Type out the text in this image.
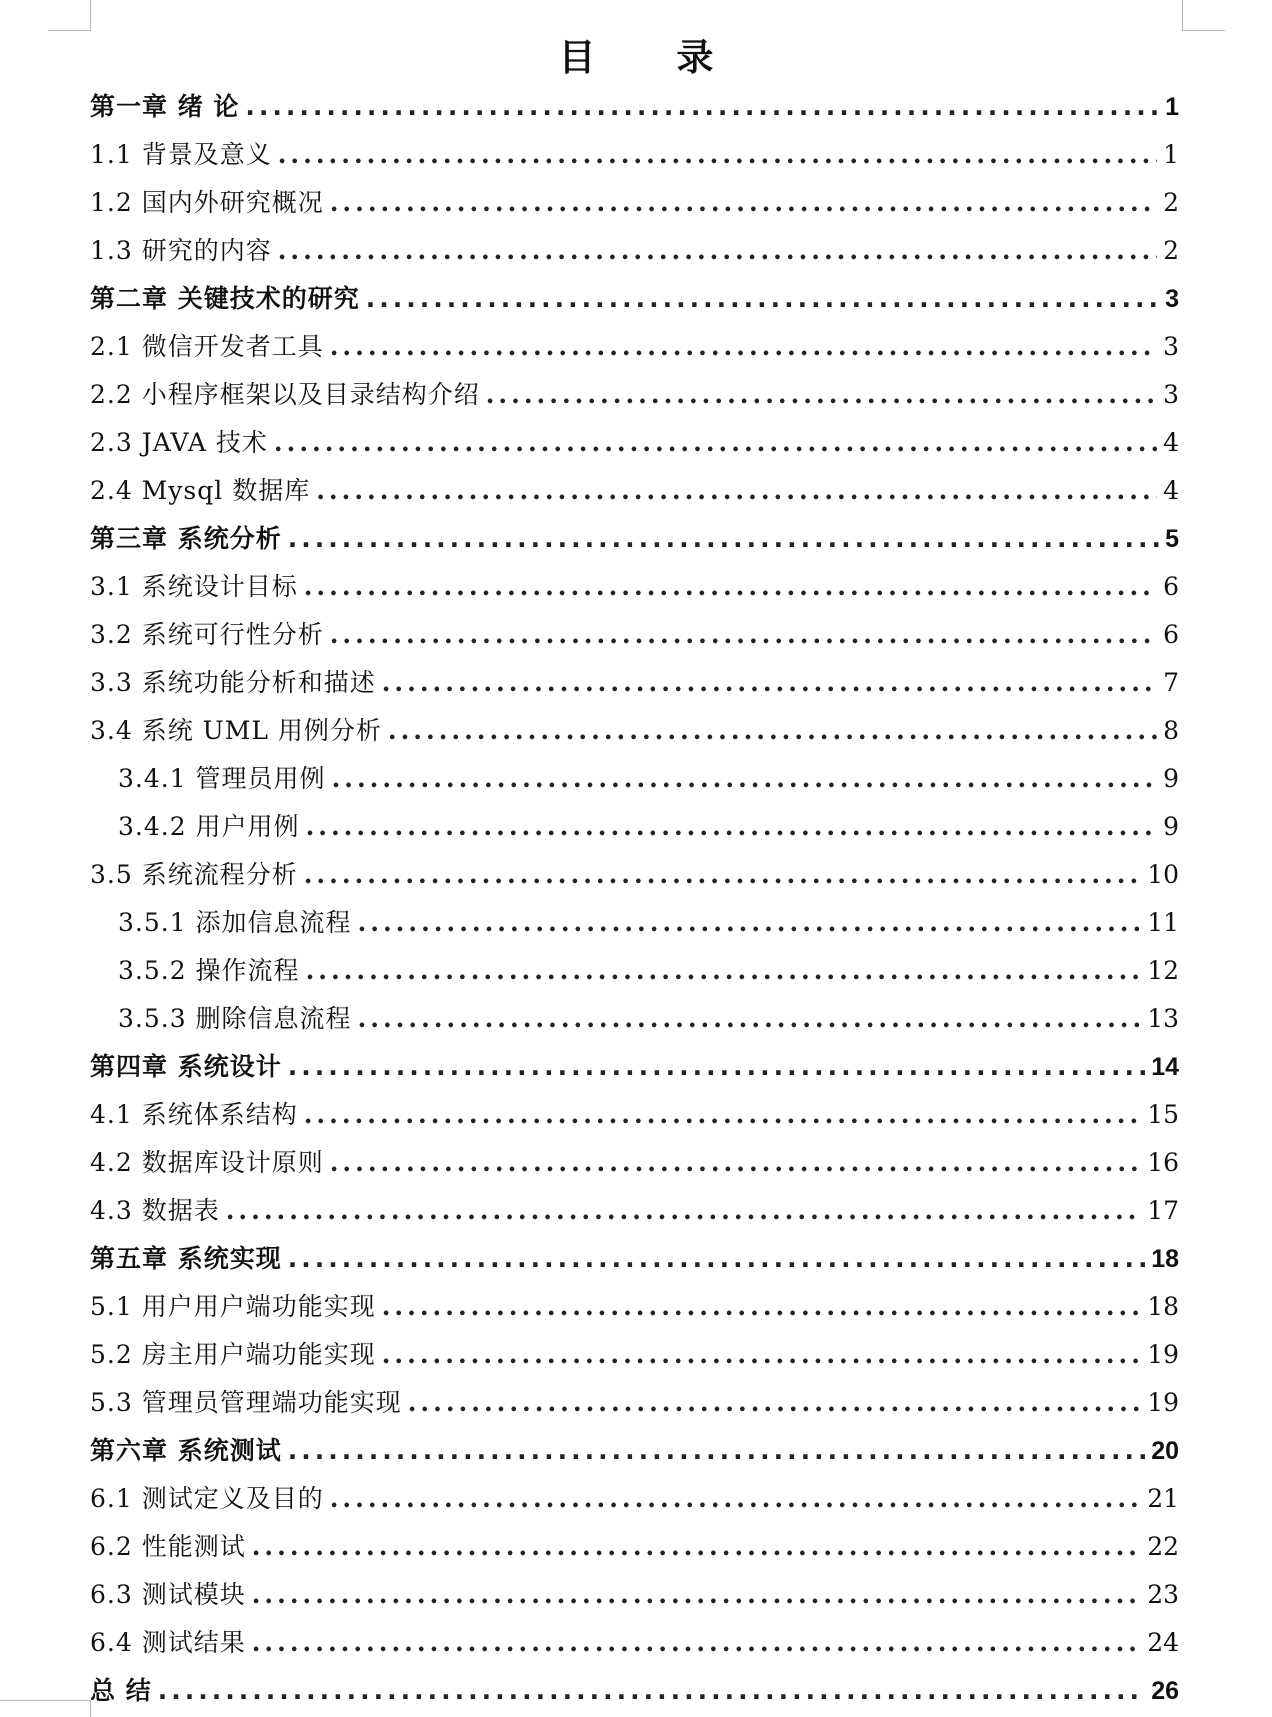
目 录
第一章 绪 论 .....	1
1.1 背景及意义 .....	1
1.2 国内外研究概况 .....	2
1.3 研究的内容 .....	2
第二章 关键技术的研究 .....	3
2.1 微信开发者工具 .....	3
2.2 小程序框架以及目录结构介绍 .....	3
2.3 JAVA 技术 .....	4
2.4 Mysql 数据库 .....	4
第三章 系统分析 .....	5
3.1 系统设计目标 .....	6
3.2 系统可行性分析 .....	6
3.3 系统功能分析和描述 .....	7
3.4 系统 UML 用例分析 .....	8
3.4.1 管理员用例 .....	9
3.4.2 用户用例 .....	9
3.5 系统流程分析 .....	10
3.5.1 添加信息流程 .....	11
3.5.2 操作流程 .....	12
3.5.3 删除信息流程 .....	13
第四章 系统设计 .....	14
4.1 系统体系结构 .....	15
4.2 数据库设计原则 .....	16
4.3 数据表 .....	17
第五章 系统实现 .....	18
5.1 用户用户端功能实现 .....	18
5.2 房主用户端功能实现 .....	19
5.3 管理员管理端功能实现 .....	19
第六章 系统测试 .....	20
6.1 测试定义及目的 .....	21
6.2 性能测试 .....	22
6.3 测试模块 .....	23
6.4 测试结果 .....	24
总 结 .....	26
